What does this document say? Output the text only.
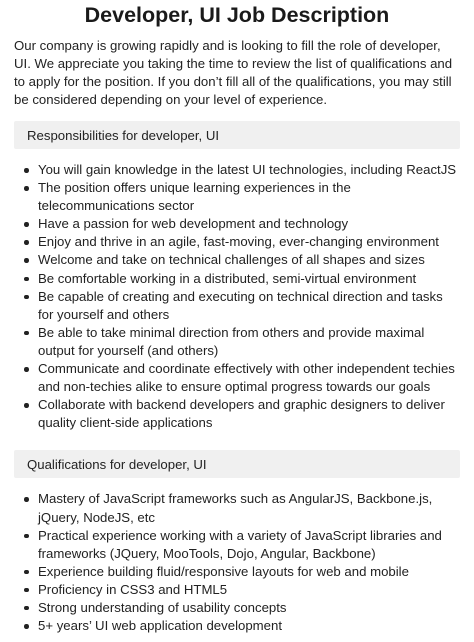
Developer, UI Job Description

Our company is growing rapidly and is looking to fill the role of developer, UI. We appreciate you taking the time to review the list of qualifications and to apply for the position. If you don’t fill all of the qualifications, you may still be considered depending on your level of experience.

Responsibilities for developer, UI
You will gain knowledge in the latest UI technologies, including ReactJS
The position offers unique learning experiences in the telecommunications sector
Have a passion for web development and technology
Enjoy and thrive in an agile, fast-moving, ever-changing environment
Welcome and take on technical challenges of all shapes and sizes
Be comfortable working in a distributed, semi-virtual environment
Be capable of creating and executing on technical direction and tasks for yourself and others
Be able to take minimal direction from others and provide maximal output for yourself (and others)
Communicate and coordinate effectively with other independent techies and non-techies alike to ensure optimal progress towards our goals
Collaborate with backend developers and graphic designers to deliver quality client-side applications
Qualifications for developer, UI
Mastery of JavaScript frameworks such as AngularJS, Backbone.js, jQuery, NodeJS, etc
Practical experience working with a variety of JavaScript libraries and frameworks (JQuery, MooTools, Dojo, Angular, Backbone)
Experience building fluid/responsive layouts for web and mobile
Proficiency in CSS3 and HTML5
Strong understanding of usability concepts
5+ years’ UI web application development
